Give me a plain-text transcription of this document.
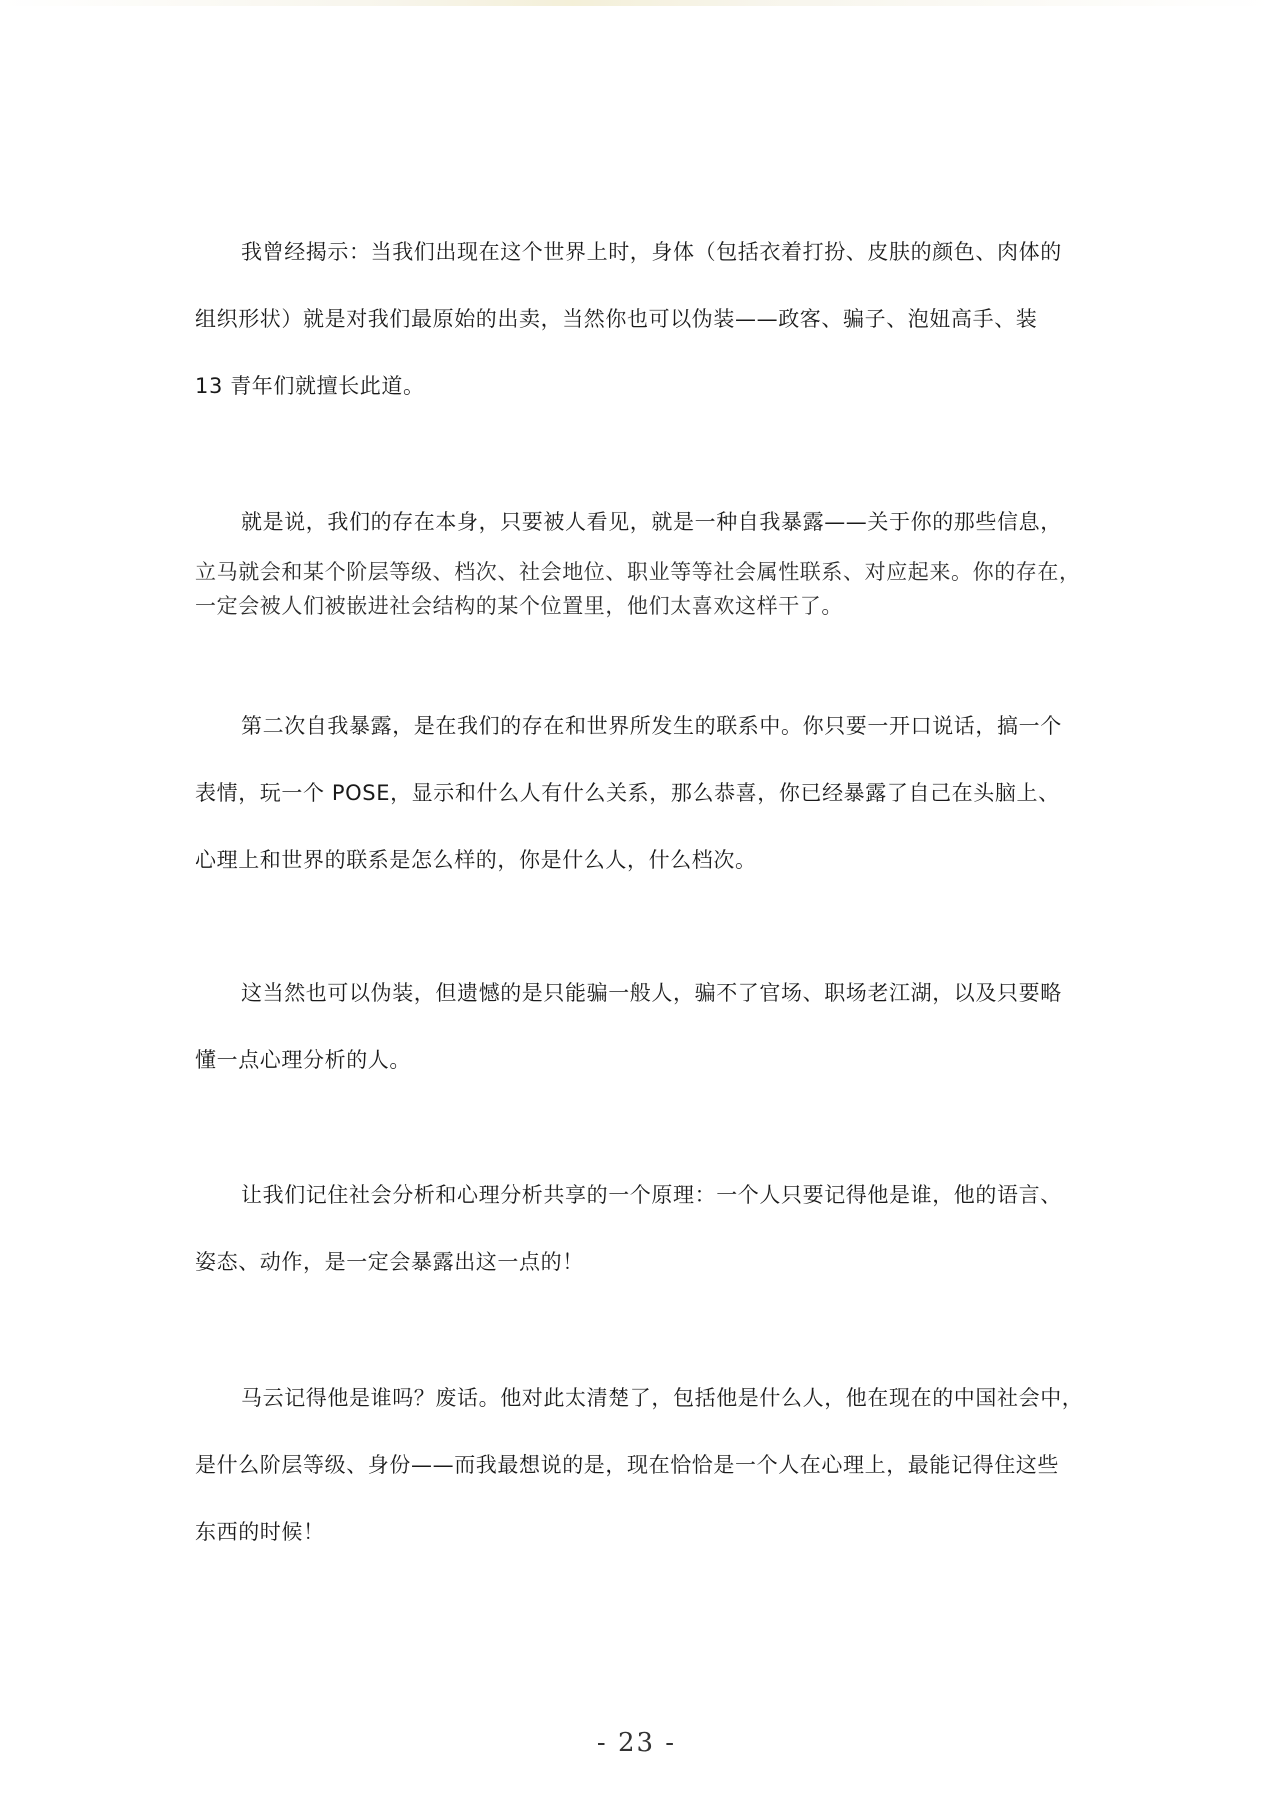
我曾经揭示：当我们出现在这个世界上时，身体（包括衣着打扮、皮肤的颜色、肉体的
组织形状）就是对我们最原始的出卖，当然你也可以伪装——政客、骗子、泡妞高手、装
13 青年们就擅长此道。
就是说，我们的存在本身，只要被人看见，就是一种自我暴露——关于你的那些信息，
立马就会和某个阶层等级、档次、社会地位、职业等等社会属性联系、对应起来。你的存在，
一定会被人们被嵌进社会结构的某个位置里，他们太喜欢这样干了。
第二次自我暴露，是在我们的存在和世界所发生的联系中。你只要一开口说话，搞一个
表情，玩一个 POSE，显示和什么人有什么关系，那么恭喜，你已经暴露了自己在头脑上、
心理上和世界的联系是怎么样的，你是什么人，什么档次。
这当然也可以伪装，但遗憾的是只能骗一般人，骗不了官场、职场老江湖，以及只要略
懂一点心理分析的人。
让我们记住社会分析和心理分析共享的一个原理：一个人只要记得他是谁，他的语言、
姿态、动作，是一定会暴露出这一点的！
马云记得他是谁吗？废话。他对此太清楚了，包括他是什么人，他在现在的中国社会中，
是什么阶层等级、身份——而我最想说的是，现在恰恰是一个人在心理上，最能记得住这些
东西的时候！
- 23 -
